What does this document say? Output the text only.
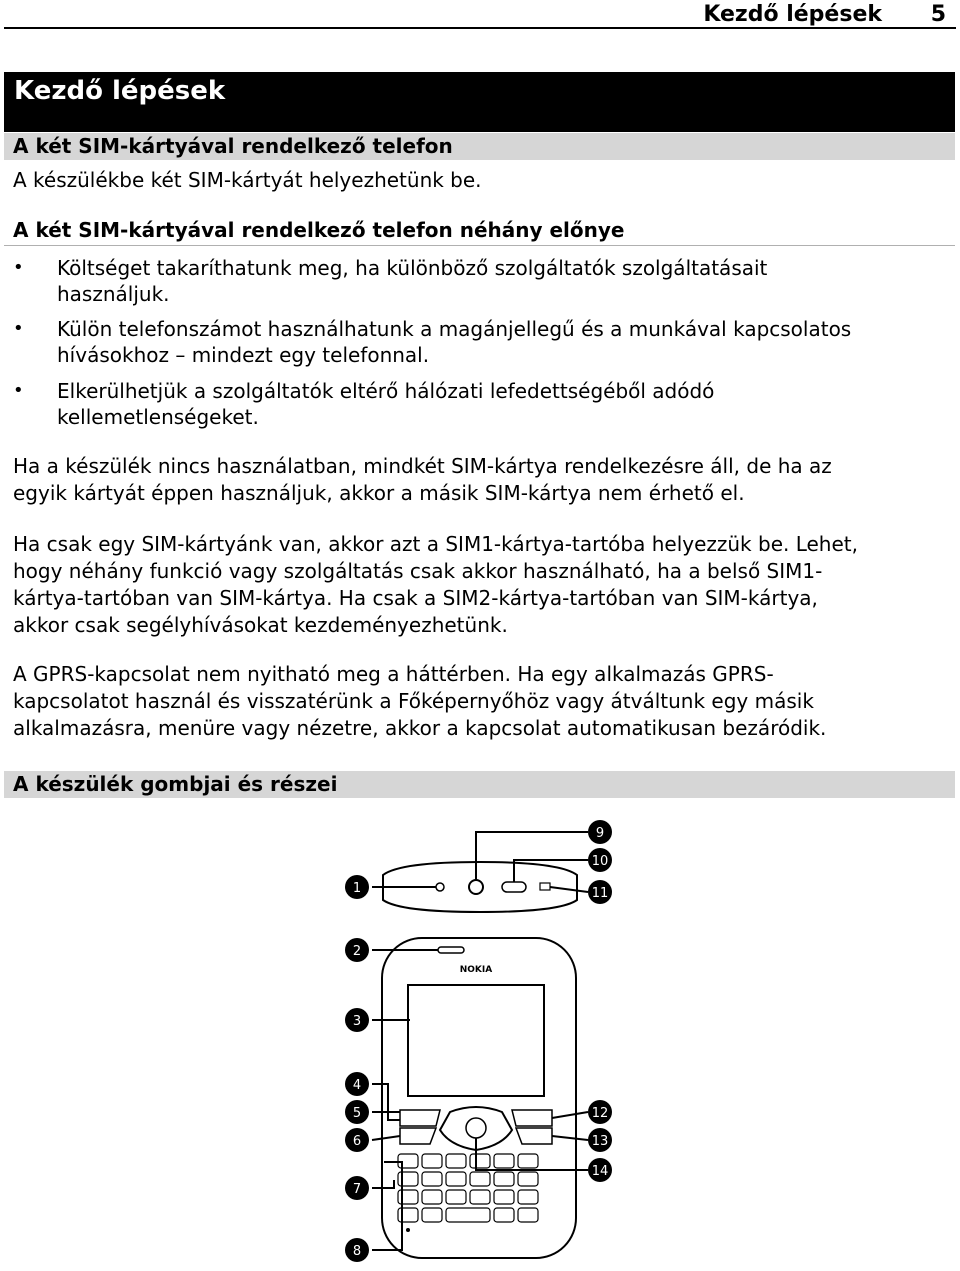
Kezdő lépések 5
Kezdő lépések
A két SIM-kártyával rendelkező telefon
A készülékbe két SIM-kártyát helyezhetünk be.
A két SIM-kártyával rendelkező telefon néhány előnye
• Költséget takaríthatunk meg, ha különböző szolgáltatók szolgáltatásait
használjuk.
• Külön telefonszámot használhatunk a magánjellegű és a munkával kapcsolatos
hívásokhoz – mindezt egy telefonnal.
• Elkerülhetjük a szolgáltatók eltérő hálózati lefedettségéből adódó
kellemetlenségeket.
Ha a készülék nincs használatban, mindkét SIM-kártya rendelkezésre áll, de ha az
egyik kártyát éppen használjuk, akkor a másik SIM-kártya nem érhető el.
Ha csak egy SIM-kártyánk van, akkor azt a SIM1-kártya-tartóba helyezzük be. Lehet,
hogy néhány funkció vagy szolgáltatás csak akkor használható, ha a belső SIM1-
kártya-tartóban van SIM-kártya. Ha csak a SIM2-kártya-tartóban van SIM-kártya,
akkor csak segélyhívásokat kezdeményezhetünk.
A GPRS-kapcsolat nem nyitható meg a háttérben. Ha egy alkalmazás GPRS-
kapcsolatot használ és visszatérünk a Főképernyőhöz vagy átváltunk egy másik
alkalmazásra, menüre vagy nézetre, akkor a kapcsolat automatikusan bezáródik.
A készülék gombjai és részei
NOKIA
1
2
3
4
5
6
7
8
9
10
11
12
13
14
